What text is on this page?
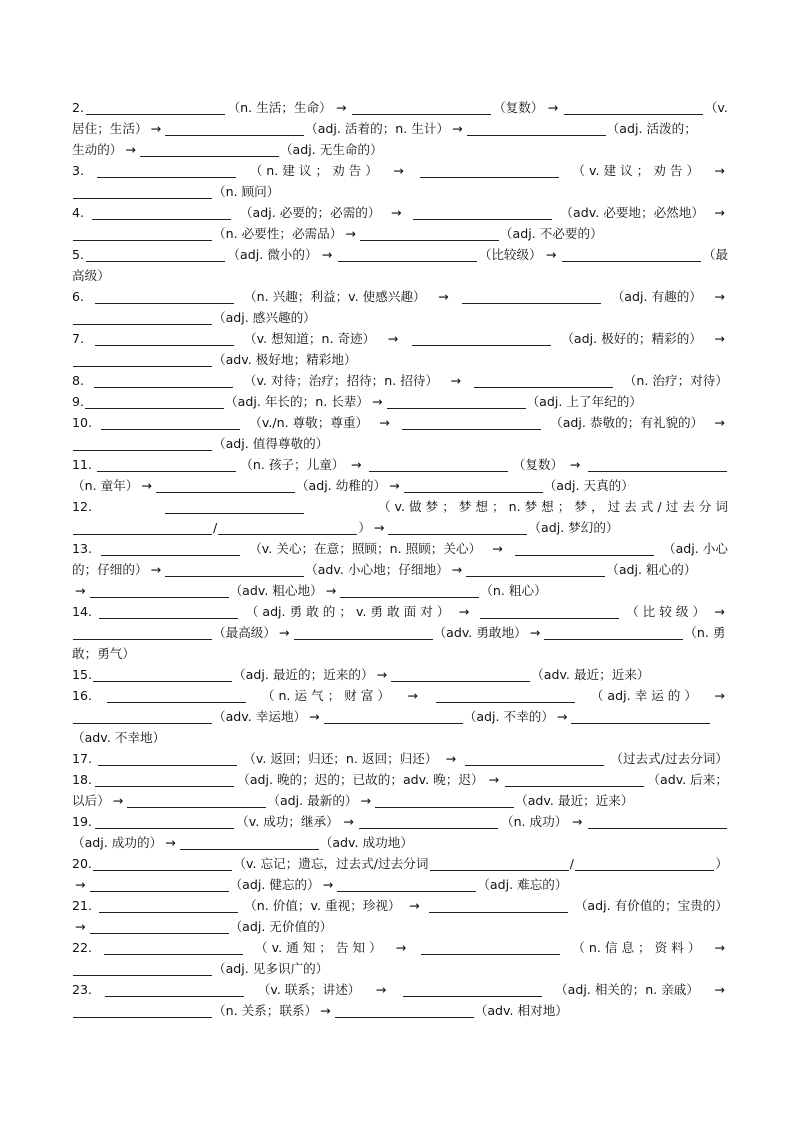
2.	（n. 生活；生命） →	（复数） →	（v.
居住；生活） →	（adj. 活着的；n. 生计） →	（adj. 活泼的；
生动的） →	（adj. 无生命的）
3.	（ n. 建 议 ； 劝 告 ） →	（ v. 建 议 ； 劝 告 ） →
（n. 顾问）
4.	（adj. 必要的；必需的） →	（adv. 必要地；必然地） →
（n. 必要性；必需品） →	（adj. 不必要的）
5.	（adj. 微小的） →	（比较级） →	（最
高级）
6.	（n. 兴趣；利益；v. 使感兴趣） →	（adj. 有趣的） →
（adj. 感兴趣的）
7.	（v. 想知道；n. 奇迹） →	（adj. 极好的；精彩的） →
（adv. 极好地；精彩地）
8.	（v. 对待；治疗；招待；n. 招待） →	（n. 治疗；对待）
9.	（adj. 年长的；n. 长辈） →	（adj. 上了年纪的）
10.	（v./n. 尊敬；尊重） →	（adj. 恭敬的；有礼貌的） →
（adj. 值得尊敬的）
11.	（n. 孩子；儿童） →	（复数） →
（n. 童年） →	（adj. 幼稚的） →	（adj. 天真的）
12.	（ v. 做 梦 ； 梦 想 ； n. 梦 想 ； 梦 ， 过 去 式 / 过 去 分 词
/	） →	（adj. 梦幻的）
13.	（v. 关心；在意；照顾；n. 照顾；关心） →	（adj. 小心
的；仔细的） →	（adv. 小心地；仔细地） →	（adj. 粗心的）
→	（adv. 粗心地） →	（n. 粗心）
14.	（ adj. 勇 敢 的 ； v. 勇 敢 面 对 ） →	（ 比 较 级 ） →
（最高级） →	（adv. 勇敢地） →	（n. 勇
敢；勇气）
15.	（adj. 最近的；近来的） →	（adv. 最近；近来）
16.	（ n. 运 气 ； 财 富 ） →	（ adj. 幸 运 的 ） →
（adv. 幸运地） →	（adj. 不幸的） →
（adv. 不幸地）
17.	（v. 返回；归还；n. 返回；归还） →	（过去式/过去分词）
18.	（adj. 晚的；迟的；已故的；adv. 晚；迟） →	（adv. 后来；
以后） →	（adj. 最新的） →	（adv. 最近；近来）
19.	（v. 成功；继承） →	（n. 成功） →
（adj. 成功的） →	（adv. 成功地）
20.	（v. 忘记；遗忘，过去式/过去分词	/	）
→	（adj. 健忘的） →	（adj. 难忘的）
21.	（n. 价值；v. 重视；珍视） →	（adj. 有价值的；宝贵的）
→	（adj. 无价值的）
22.	（ v. 通 知 ； 告 知 ） →	（ n. 信 息 ； 资 料 ） →
（adj. 见多识广的）
23.	（v. 联系；讲述） →	（adj. 相关的；n. 亲戚） →
（n. 关系；联系） →	（adv. 相对地）
